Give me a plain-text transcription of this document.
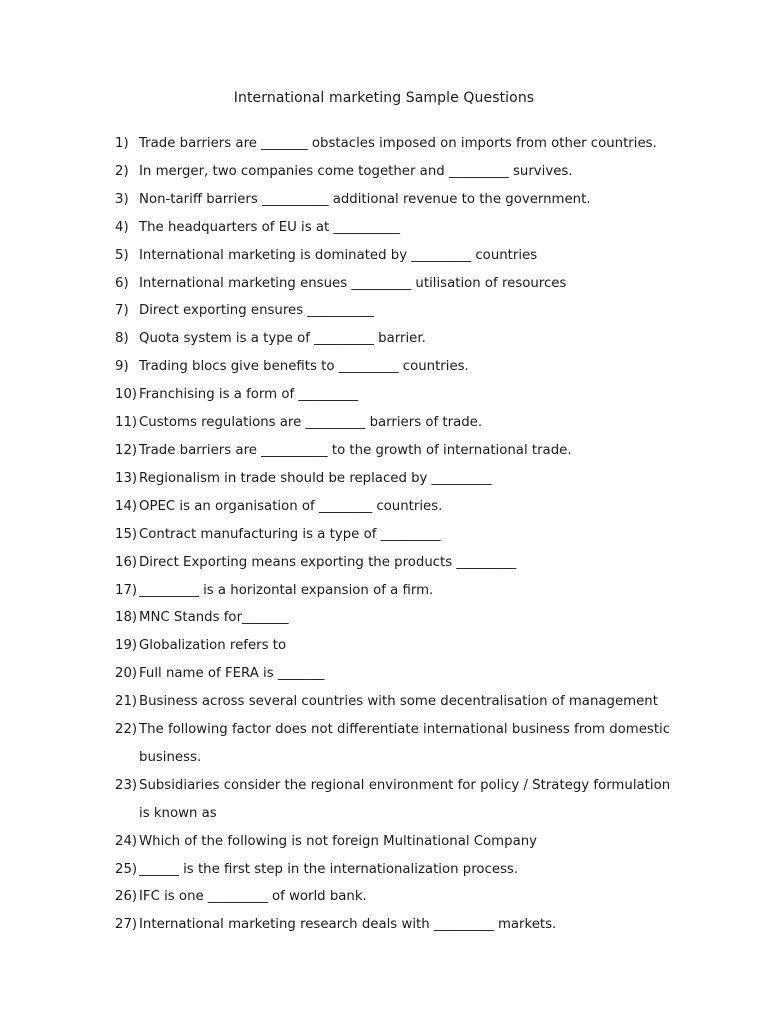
International marketing Sample Questions
1) Trade barriers are _______ obstacles imposed on imports from other countries.
2) In merger, two companies come together and _________ survives.
3) Non-tariff barriers __________ additional revenue to the government.
4) The headquarters of EU is at __________
5) International marketing is dominated by _________ countries
6) International marketing ensues _________ utilisation of resources
7) Direct exporting ensures __________
8) Quota system is a type of _________ barrier.
9) Trading blocs give benefits to _________ countries.
10) Franchising is a form of _________
11) Customs regulations are _________ barriers of trade.
12) Trade barriers are __________ to the growth of international trade.
13) Regionalism in trade should be replaced by _________
14) OPEC is an organisation of ________ countries.
15) Contract manufacturing is a type of _________
16) Direct Exporting means exporting the products _________
17) _________ is a horizontal expansion of a firm.
18) MNC Stands for_______
19) Globalization refers to
20) Full name of FERA is _______
21) Business across several countries with some decentralisation of management
22) The following factor does not differentiate international business from domestic business.
23) Subsidiaries consider the regional environment for policy / Strategy formulation is known as
24) Which of the following is not foreign Multinational Company
25) ______ is the first step in the internationalization process.
26) IFC is one _________ of world bank.
27) International marketing research deals with _________ markets.
